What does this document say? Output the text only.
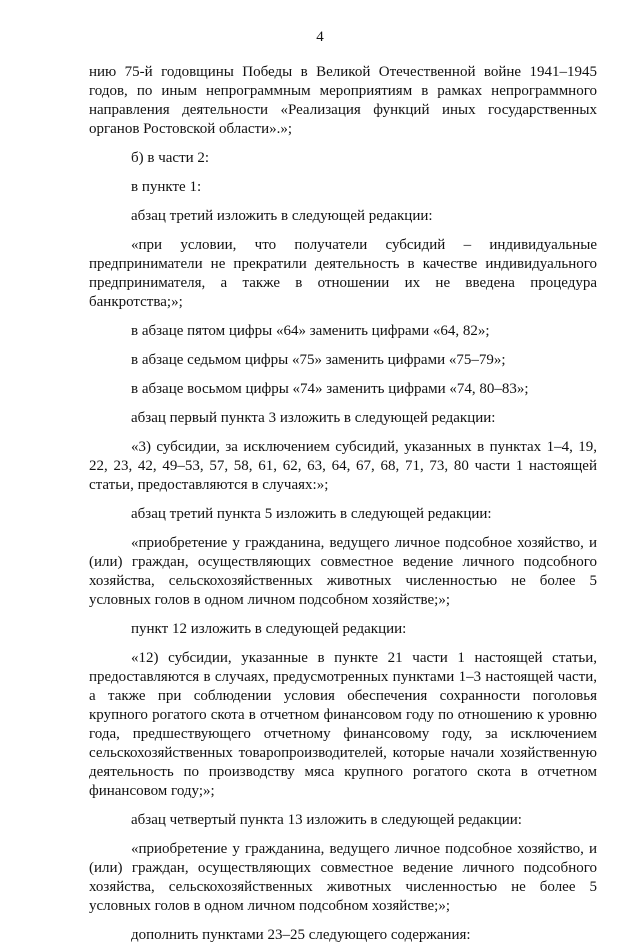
4

нию 75-й годовщины Победы в Великой Отечественной войне 1941–1945 годов, по иным непрограммным мероприятиям в рамках непрограммного направления деятельности «Реализация функций иных государственных органов Ростовской области».»;

б) в части 2:

в пункте 1:

абзац третий изложить в следующей редакции:

«при условии, что получатели субсидий – индивидуальные предприниматели не прекратили деятельность в качестве индивидуального предпринимателя, а также в отношении их не введена процедура банкротства;»;

в абзаце пятом цифры «64» заменить цифрами «64, 82»;

в абзаце седьмом цифры «75» заменить цифрами «75–79»;

в абзаце восьмом цифры «74» заменить цифрами «74, 80–83»;

абзац первый пункта 3 изложить в следующей редакции:

«3) субсидии, за исключением субсидий, указанных в пунктах 1–4, 19, 22, 23, 42, 49–53, 57, 58, 61, 62, 63, 64, 67, 68, 71, 73, 80 части 1 настоящей статьи, предоставляются в случаях:»;

абзац третий пункта 5 изложить в следующей редакции:

«приобретение у гражданина, ведущего личное подсобное хозяйство, и (или) граждан, осуществляющих совместное ведение личного подсобного хозяйства, сельскохозяйственных животных численностью не более 5 условных голов в одном личном подсобном хозяйстве;»;

пункт 12 изложить в следующей редакции:

«12) субсидии, указанные в пункте 21 части 1 настоящей статьи, предоставляются в случаях, предусмотренных пунктами 1–3 настоящей части, а также при соблюдении условия обеспечения сохранности поголовья крупного рогатого скота в отчетном финансовом году по отношению к уровню года, предшествующего отчетному финансовому году, за исключением сельскохозяйственных товаропроизводителей, которые начали хозяйственную деятельность по производству мяса крупного рогатого скота в отчетном финансовом году;»;

абзац четвертый пункта 13 изложить в следующей редакции:

«приобретение у гражданина, ведущего личное подсобное хозяйство, и (или) граждан, осуществляющих совместное ведение личного подсобного хозяйства, сельскохозяйственных животных численностью не более 5 условных голов в одном личном подсобном хозяйстве;»;

дополнить пунктами 23–25 следующего содержания:
